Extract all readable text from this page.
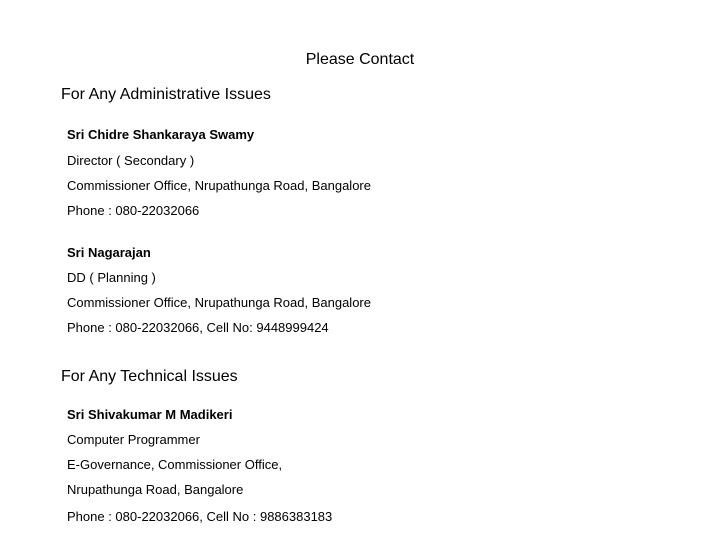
Please Contact
For Any Administrative Issues
Sri Chidre Shankaraya Swamy
Director ( Secondary )
Commissioner Office, Nrupathunga Road, Bangalore
Phone : 080-22032066
Sri Nagarajan
DD ( Planning )
Commissioner Office, Nrupathunga Road, Bangalore
Phone : 080-22032066, Cell No: 9448999424
For Any Technical Issues
Sri Shivakumar M Madikeri
Computer Programmer
E-Governance, Commissioner Office,
Nrupathunga Road, Bangalore
Phone : 080-22032066, Cell No : 9886383183
